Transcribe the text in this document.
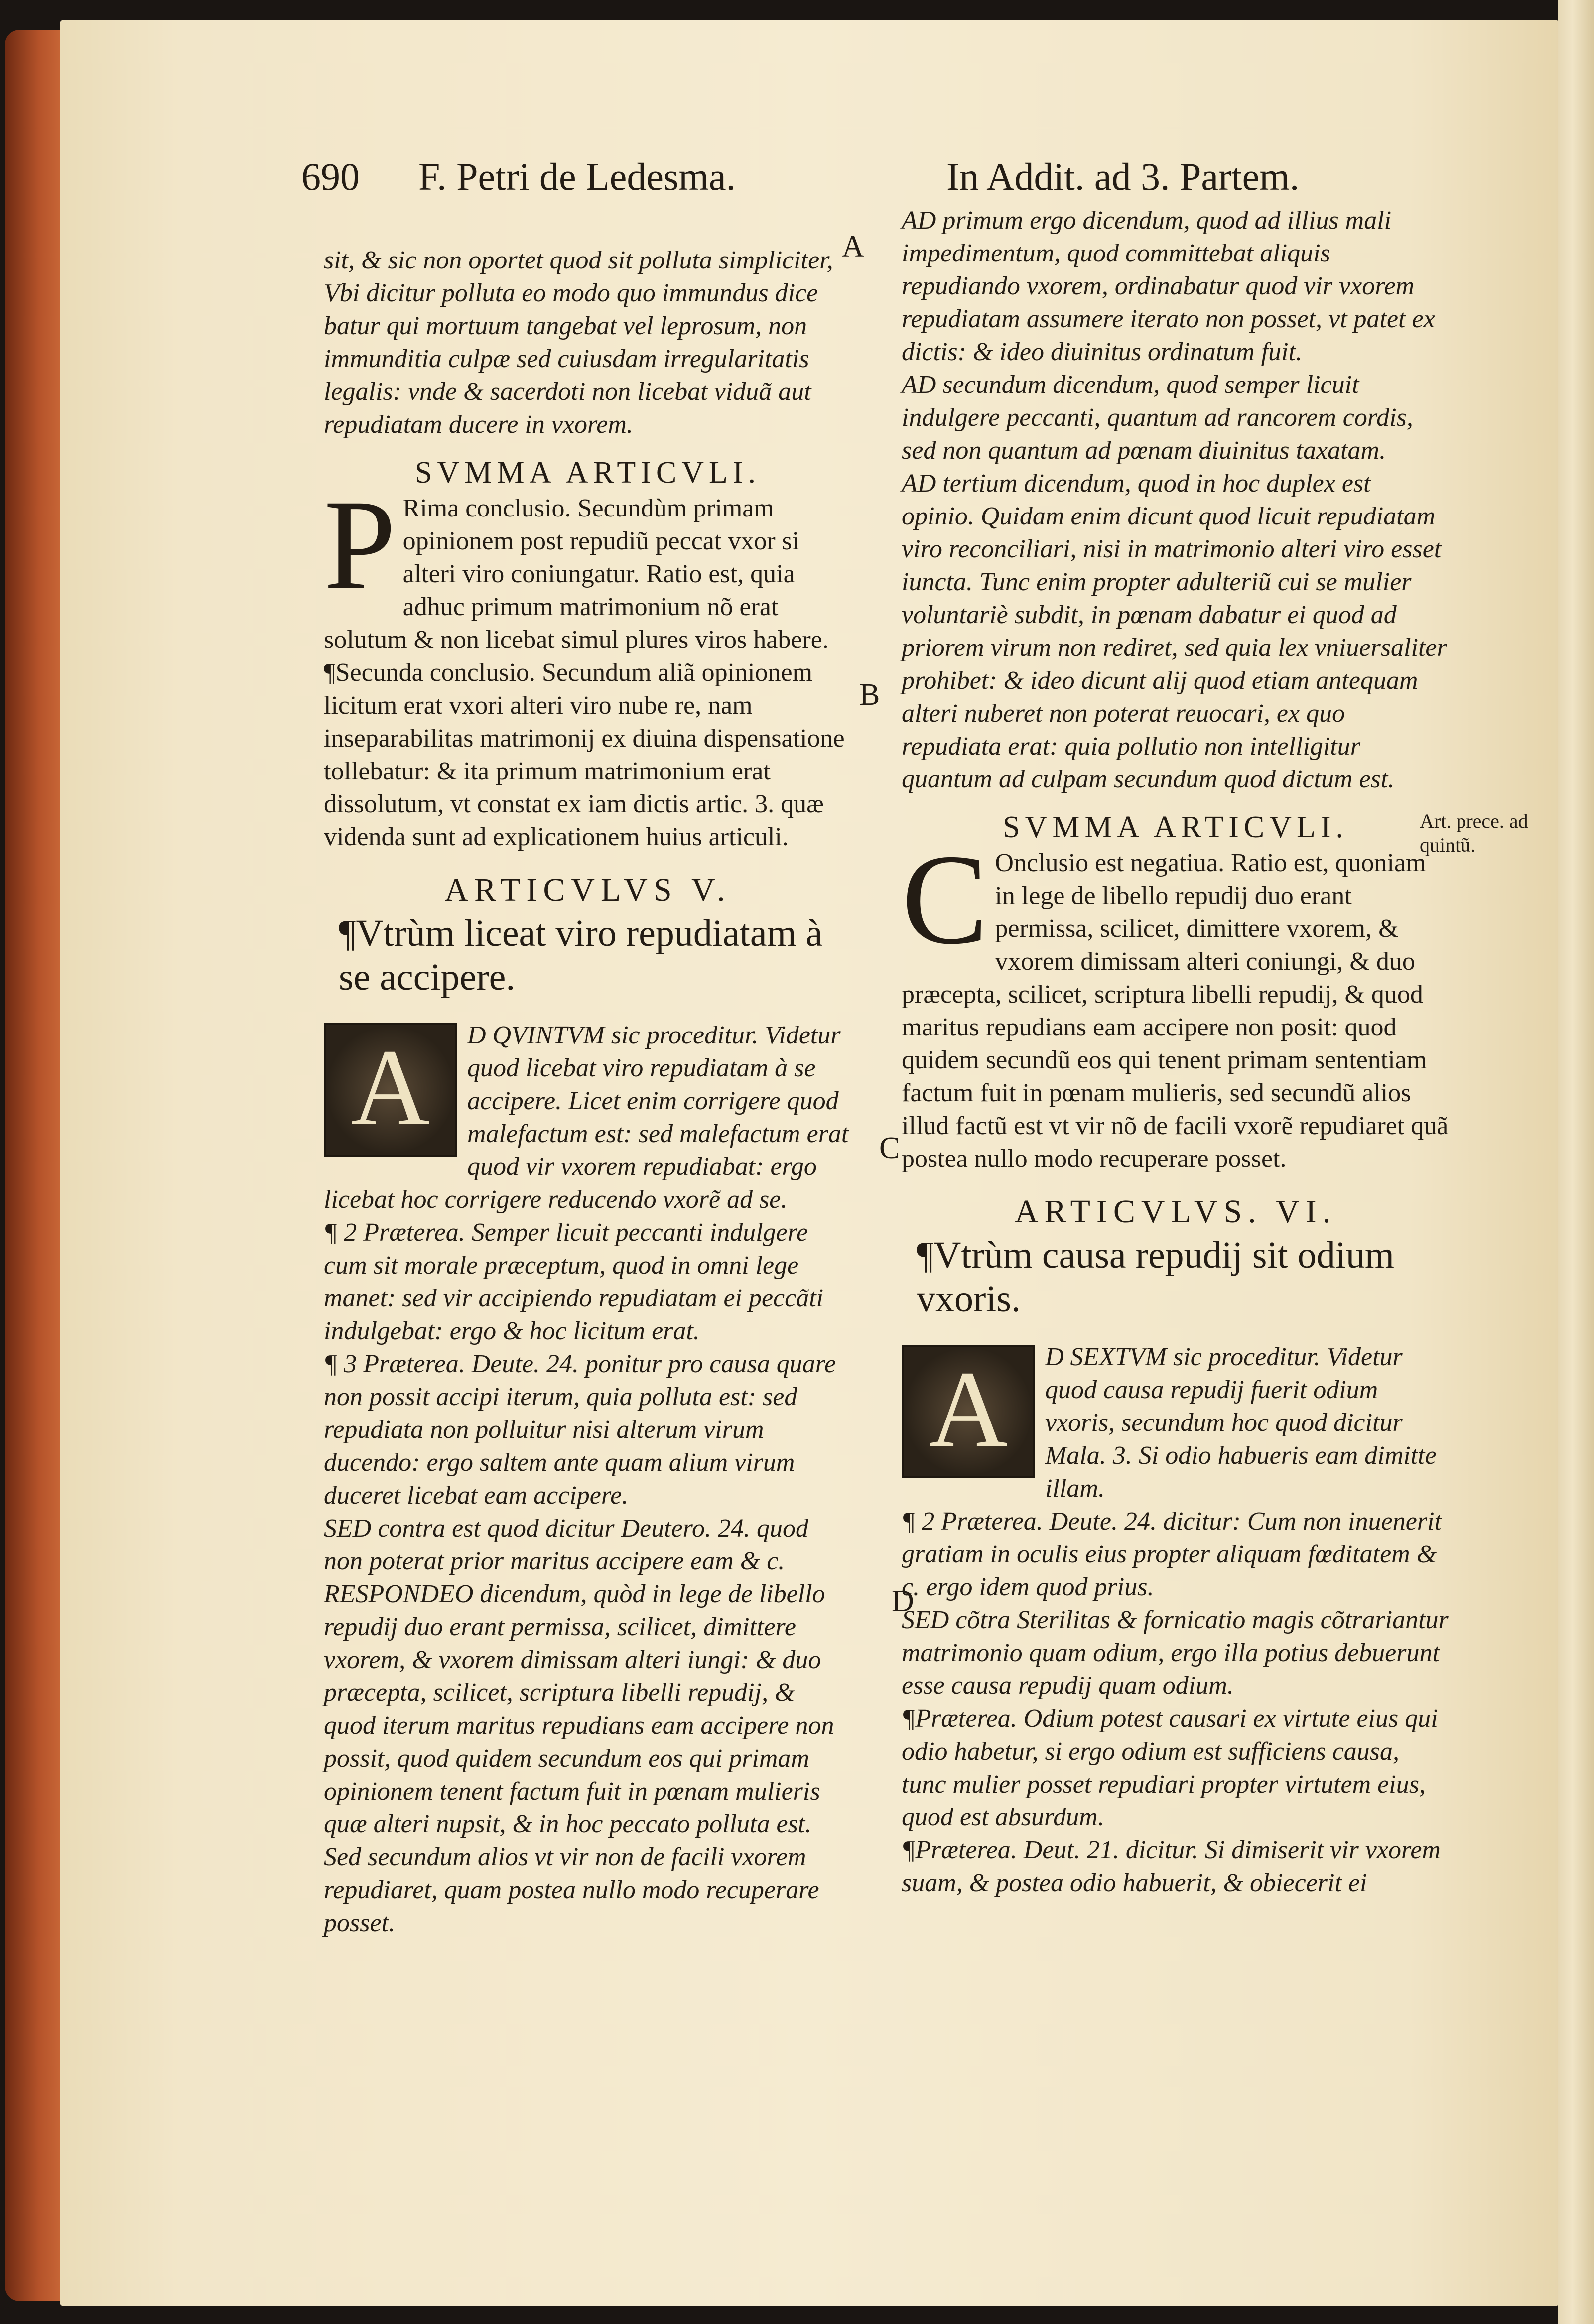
690 F. Petri de Ledesma.	In Addit. ad 3. Partem.
A
B
C
D
Art. prece. ad quintũ.

sit, & sic non oportet quod sit polluta simpliciter, Vbi dicitur polluta eo modo quo immundus dice batur qui mortuum tangebat vel leprosum, non immunditia culpæ sed cuiusdam irregularitatis legalis: vnde & sacerdoti non licebat viduã aut repudiatam ducere in vxorem.

SVMMA ARTICVLI.

P Rima conclusio. Secundùm primam opinionem post repudiũ peccat vxor si alteri viro coniungatur. Ratio est, quia adhuc primum matrimonium nõ erat solutum & non licebat simul plures viros habere.

¶Secunda conclusio. Secundum aliã opinionem licitum erat vxori alteri viro nube re, nam inseparabilitas matrimonij ex diuina dispensatione tollebatur: & ita primum matrimonium erat dissolutum, vt constat ex iam dictis artic. 3. quæ videnda sunt ad explicationem huius articuli.

ARTICVLVS V.
¶Vtrùm liceat viro repudiatam à se accipere.

A	D QVINTVM sic proceditur. Videtur quod licebat viro repudiatam à se accipere. Licet enim corrigere quod malefactum est: sed malefactum erat quod vir vxorem repudiabat: ergo licebat hoc corrigere reducendo vxorẽ ad se.

¶ 2 Præterea. Semper licuit peccanti indulgere cum sit morale præceptum, quod in omni lege manet: sed vir accipiendo repudiatam ei peccãti indulgebat: ergo & hoc licitum erat.

¶ 3 Præterea. Deute. 24. ponitur pro causa quare non possit accipi iterum, quia polluta est: sed repudiata non polluitur nisi alterum virum ducendo: ergo saltem ante quam alium virum duceret licebat eam accipere.

SED contra est quod dicitur Deutero. 24. quod non poterat prior maritus accipere eam & c.

RESPONDEO dicendum, quòd in lege de libello repudij duo erant permissa, scilicet, dimittere vxorem, & vxorem dimissam alteri iungi: & duo præcepta, scilicet, scriptura libelli repudij, & quod iterum maritus repudians eam accipere non possit, quod quidem secundum eos qui primam opinionem tenent factum fuit in pœnam mulieris quæ alteri nupsit, & in hoc peccato polluta est. Sed secundum alios vt vir non de facili vxorem repudiaret, quam postea nullo modo recuperare posset.

AD primum ergo dicendum, quod ad illius mali impedimentum, quod committebat aliquis repudiando vxorem, ordinabatur quod vir vxorem repudiatam assumere iterato non posset, vt patet ex dictis: & ideo diuinitus ordinatum fuit.

AD secundum dicendum, quod semper licuit indulgere peccanti, quantum ad rancorem cordis, sed non quantum ad pœnam diuinitus taxatam.

AD tertium dicendum, quod in hoc duplex est opinio. Quidam enim dicunt quod licuit repudiatam viro reconciliari, nisi in matrimonio alteri viro esset iuncta. Tunc enim propter adulteriũ cui se mulier voluntariè subdit, in pœnam dabatur ei quod ad priorem virum non rediret, sed quia lex vniuersaliter prohibet: & ideo dicunt alij quod etiam antequam alteri nuberet non poterat reuocari, ex quo repudiata erat: quia pollutio non intelligitur quantum ad culpam secundum quod dictum est.

SVMMA ARTICVLI.

C Onclusio est negatiua. Ratio est, quoniam in lege de libello repudij duo erant permissa, scilicet, dimittere vxorem, & vxorem dimissam alteri coniungi, & duo præcepta, scilicet, scriptura libelli repudij, & quod maritus repudians eam accipere non posit: quod quidem secundũ eos qui tenent primam sententiam factum fuit in pœnam mulieris, sed secundũ alios illud factũ est vt vir nõ de facili vxorẽ repudiaret quã postea nullo modo recuperare posset.

ARTICVLVS. VI.
¶Vtrùm causa repudij sit odium vxoris.

A	D SEXTVM sic proceditur. Videtur quod causa repudij fuerit odium vxoris, secundum hoc quod dicitur Mala. 3. Si odio habueris eam dimitte illam.

¶ 2 Præterea. Deute. 24. dicitur: Cum non inuenerit gratiam in oculis eius propter aliquam fœditatem & c. ergo idem quod prius.

SED cõtra Sterilitas & fornicatio magis cõtrariantur matrimonio quam odium, ergo illa potius debuerunt esse causa repudij quam odium.

¶Præterea. Odium potest causari ex virtute eius qui odio habetur, si ergo odium est sufficiens causa, tunc mulier posset repudiari propter virtutem eius, quod est absurdum.

¶Præterea. Deut. 21. dicitur. Si dimiserit vir vxorem suam, & postea odio habuerit, & obiecerit ei
